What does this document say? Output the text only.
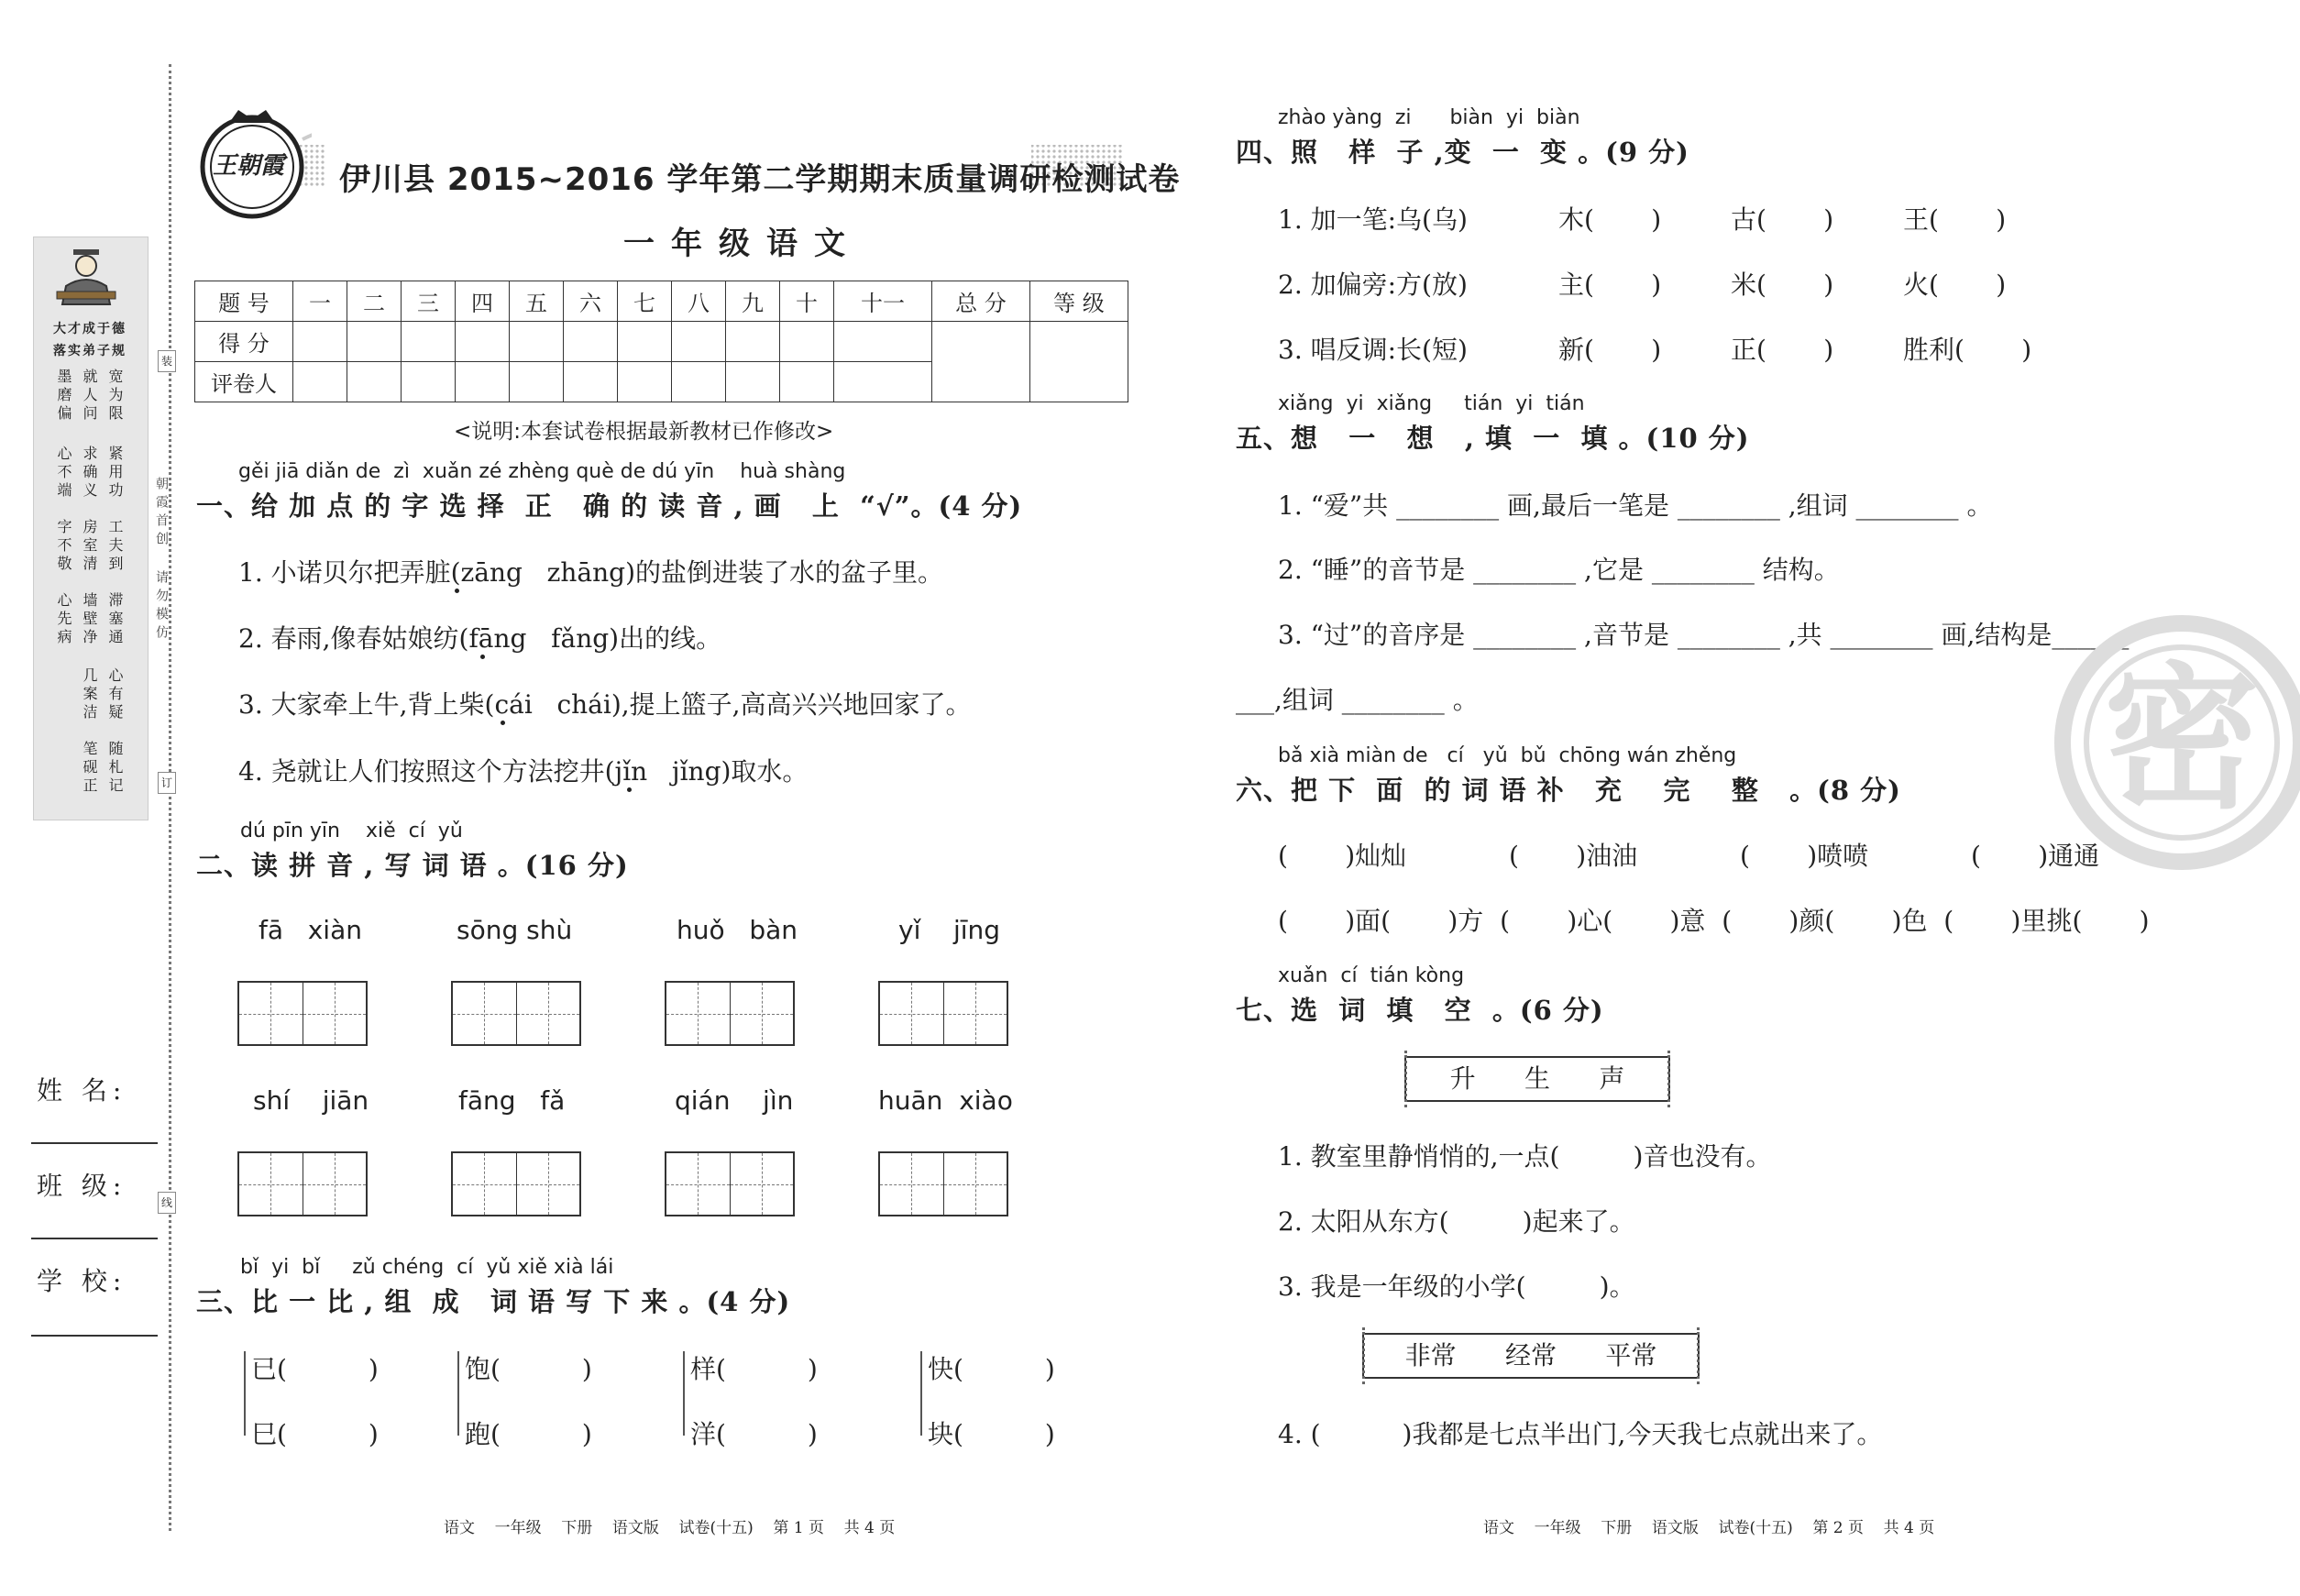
大才成于德
落实弟子规
宽为限
紧用功
工夫到
滞塞通
心有疑
随札记
就人问
求确义
房室清
墙壁净
几案洁
笔砚正
墨磨偏
心不端
字不敬
心先病
朝霞首创
请勿模仿
装
订
线
姓 名:
班 级:
学 校:
王朝霞 伊川县 2015~2016 学年第二学期期末质量调研检测试卷
一年级语文
题 号	一	二	三	四	五	六	七	八	九	十	十一	总 分	等 级
得 分													
评卷人													
<说明:本套试卷根据最新教材已作修改>
gěi jiā diǎn de  zì  xuǎn zé zhèng què de dú yīn    huà shàng
一、给 加 点 的 字 选 择  正   确 的 读 音 , 画   上  “√”。(4 分)
1. 小诺贝尔把弄脏(zāng   zhāng)的盐倒进装了水的盆子里。
2. 春雨,像春姑娘纺(fāng   fǎng)出的线。
3. 大家牵上牛,背上柴(cái   chái),提上篮子,高高兴兴地回家了。
4. 尧就让人们按照这个方法挖井(jǐn   jǐng)取水。
dú pīn yīn    xiě  cí  yǔ
二、读 拼 音 , 写 词 语 。(16 分)
fā   xiàn	sōng shù	huǒ   bàn	yǐ    jīng
shí    jiān	fāng   fǎ	qián    jìn	huān  xiào
bǐ  yi  bǐ     zǔ chéng  cí  yǔ xiě xià lái
三、比 一 比 , 组  成   词 语 写 下 来 。(4 分)
已(          )	饱(          )	样(          )	快(          )
巳(          )	跑(          )	洋(          )	块(          )
语文    一年级    下册    语文版    试卷(十五)    第 1 页    共 4 页
zhào yàng  zi      biàn  yi  biàn
四、照   样  子 ,变  一  变 。(9 分)
1. 加一笔:乌(乌)	木(       )	古(       )	王(       )
2. 加偏旁:方(放)	主(       )	米(       )	火(       )
3. 唱反调:长(短)	新(       )	正(       )	胜利(       )
xiǎng  yi  xiǎng     tián  yi  tián
五、想   一   想   , 填  一  填 。(10 分)
1. “爱”共 ________ 画,最后一笔是 ________ ,组词 ________ 。
2. “睡”的音节是 ________ ,它是 ________ 结构。
3. “过”的音序是 ________ ,音节是 ________ ,共 ________ 画,结构是______
___,组词 ________ 。
bǎ xià miàn de   cí   yǔ  bǔ  chōng wán zhěng
六、把 下  面  的 词 语 补   充    完    整   。(8 分)
(       )灿灿	(       )油油	(       )喷喷	(       )通通
(       )面(       )方  (       )心(       )意  (       )颜(       )色  (       )里挑(       )
xuǎn  cí  tián kòng
七、选  词  填   空  。(6 分)
升      生      声
1. 教室里静悄悄的,一点(         )音也没有。
2. 太阳从东方(         )起来了。
3. 我是一年级的小学(         )。
非常      经常      平常
4. (          )我都是七点半出门,今天我七点就出来了。
语文    一年级    下册    语文版    试卷(十五)    第 2 页    共 4 页
密
